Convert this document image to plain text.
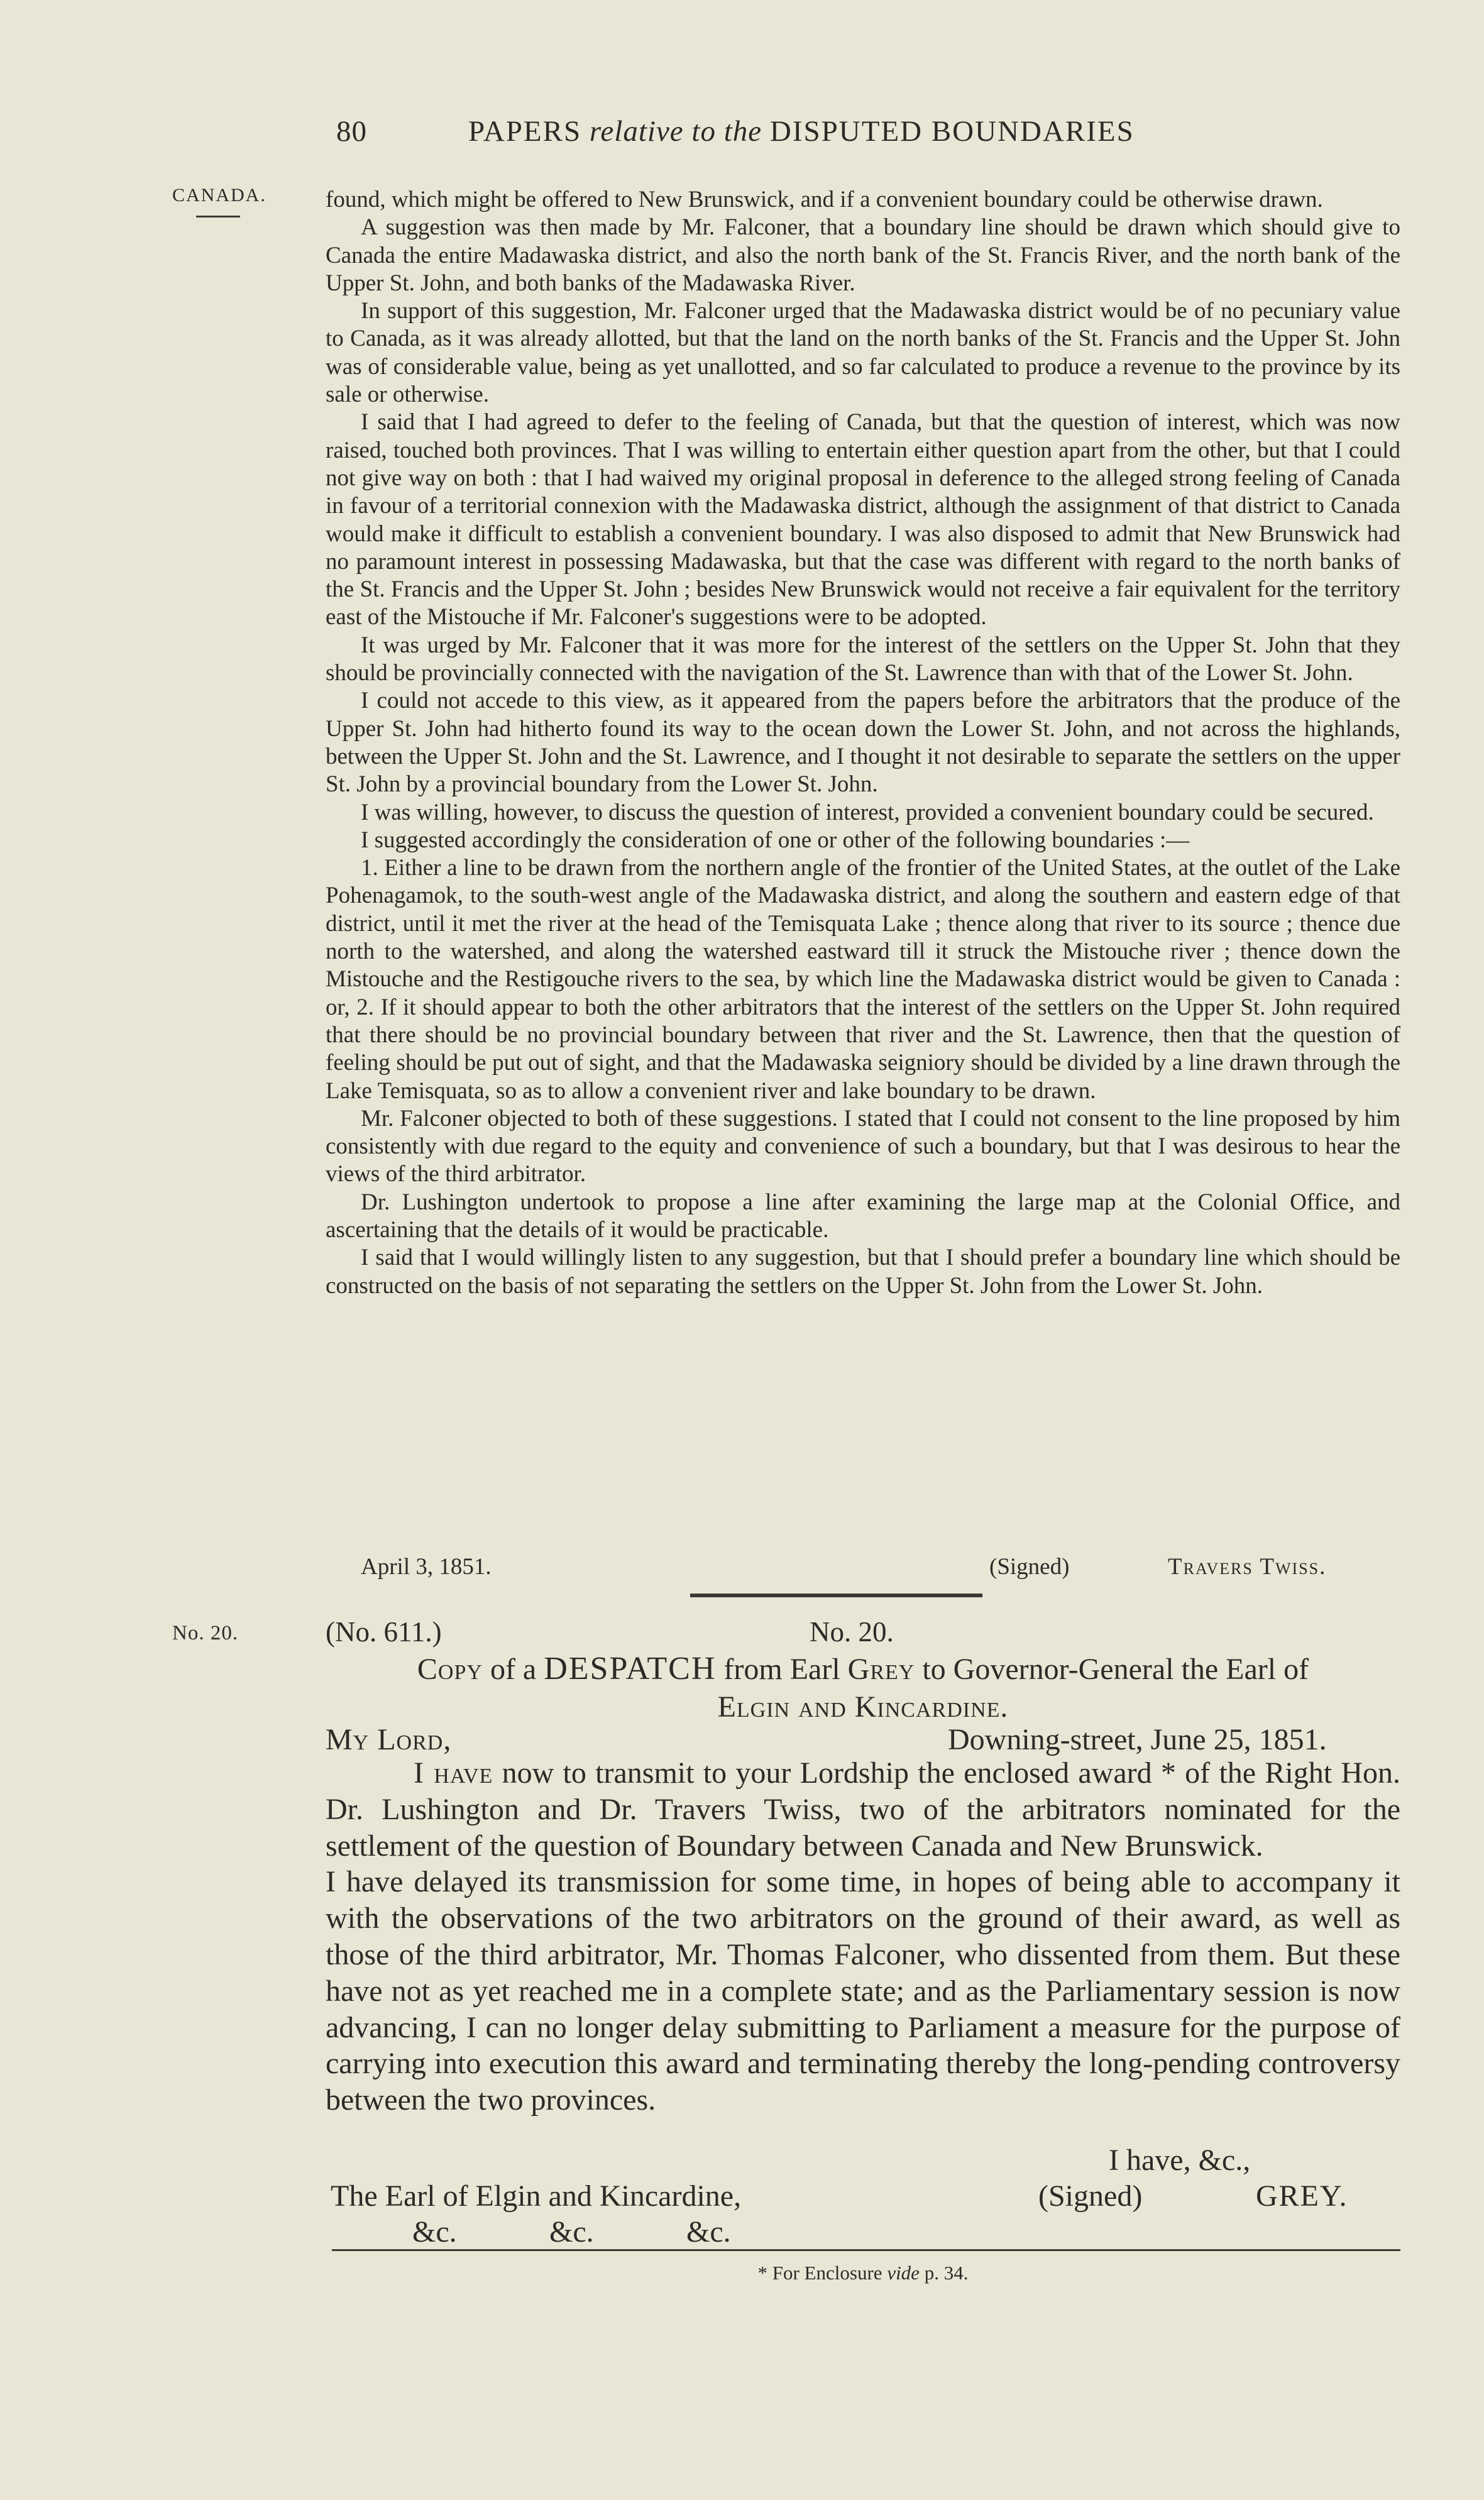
80	PAPERS relative to the DISPUTED BOUNDARIES
CANADA.	found, which might be offered to New Brunswick, and if a convenient boundary could be otherwise drawn.

A suggestion was then made by Mr. Falconer, that a boundary line should be drawn which should give to Canada the entire Madawaska district, and also the north bank of the St. Francis River, and the north bank of the Upper St. John, and both banks of the Madawaska River.

In support of this suggestion, Mr. Falconer urged that the Madawaska district would be of no pecuniary value to Canada, as it was already allotted, but that the land on the north banks of the St. Francis and the Upper St. John was of considerable value, being as yet unallotted, and so far calculated to produce a revenue to the province by its sale or otherwise.

I said that I had agreed to defer to the feeling of Canada, but that the question of interest, which was now raised, touched both provinces. That I was willing to entertain either question apart from the other, but that I could not give way on both : that I had waived my original proposal in deference to the alleged strong feeling of Canada in favour of a territorial connexion with the Madawaska district, although the assignment of that district to Canada would make it difficult to establish a convenient boundary. I was also disposed to admit that New Brunswick had no paramount interest in possessing Madawaska, but that the case was different with regard to the north banks of the St. Francis and the Upper St. John ; besides New Brunswick would not receive a fair equivalent for the territory east of the Mistouche if Mr. Falconer's suggestions were to be adopted.

It was urged by Mr. Falconer that it was more for the interest of the settlers on the Upper St. John that they should be provincially connected with the navigation of the St. Lawrence than with that of the Lower St. John.

I could not accede to this view, as it appeared from the papers before the arbitrators that the produce of the Upper St. John had hitherto found its way to the ocean down the Lower St. John, and not across the highlands, between the Upper St. John and the St. Lawrence, and I thought it not desirable to separate the settlers on the upper St. John by a provincial boundary from the Lower St. John.

I was willing, however, to discuss the question of interest, provided a convenient boundary could be secured.

I suggested accordingly the consideration of one or other of the following boundaries :—

1. Either a line to be drawn from the northern angle of the frontier of the United States, at the outlet of the Lake Pohenagamok, to the south-west angle of the Madawaska district, and along the southern and eastern edge of that district, until it met the river at the head of the Temisquata Lake ; thence along that river to its source ; thence due north to the watershed, and along the watershed eastward till it struck the Mistouche river ; thence down the Mistouche and the Restigouche rivers to the sea, by which line the Madawaska district would be given to Canada : or, 2. If it should appear to both the other arbitrators that the interest of the settlers on the Upper St. John required that there should be no provincial boundary between that river and the St. Lawrence, then that the question of feeling should be put out of sight, and that the Madawaska seigniory should be divided by a line drawn through the Lake Temisquata, so as to allow a convenient river and lake boundary to be drawn.

Mr. Falconer objected to both of these suggestions. I stated that I could not consent to the line proposed by him consistently with due regard to the equity and convenience of such a boundary, but that I was desirous to hear the views of the third arbitrator.

Dr. Lushington undertook to propose a line after examining the large map at the Colonial Office, and ascertaining that the details of it would be practicable.

I said that I would willingly listen to any suggestion, but that I should prefer a boundary line which should be constructed on the basis of not separating the settlers on the Upper St. John from the Lower St. John.

April 3, 1851.	(Signed)	Travers Twiss.
No. 20.	(No. 611.)	No. 20.
Copy of a DESPATCH from Earl Grey to Governor-General the Earl of
Elgin and Kincardine.
My Lord,	Downing-street, June 25, 1851.

I have now to transmit to your Lordship the enclosed award * of the Right Hon. Dr. Lushington and Dr. Travers Twiss, two of the arbitrators nominated for the settlement of the question of Boundary between Canada and New Brunswick.

I have delayed its transmission for some time, in hopes of being able to accompany it with the observations of the two arbitrators on the ground of their award, as well as those of the third arbitrator, Mr. Thomas Falconer, who dissented from them. But these have not as yet reached me in a complete state; and as the Parliamentary session is now advancing, I can no longer delay submitting to Parliament a measure for the purpose of carrying into execution this award and terminating thereby the long-pending controversy between the two provinces.

I have, &c.,
The Earl of Elgin and Kincardine,	(Signed)	GREY.
&c.	&c.	&c.
* For Enclosure vide p. 34.
